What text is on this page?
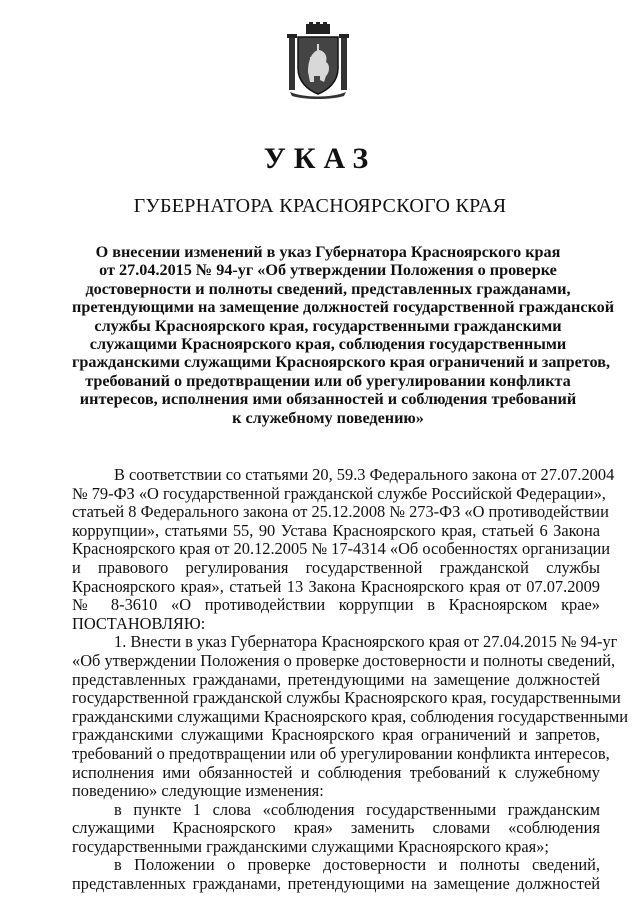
УКАЗ
ГУБЕРНАТОРА КРАСНОЯРСКОГО КРАЯ
О внесении изменений в указ Губернатора Красноярского края
от 27.04.2015 № 94-уг «Об утверждении Положения о проверке
достоверности и полноты сведений, представленных гражданами,
претендующими на замещение должностей государственной гражданской
службы Красноярского края, государственными гражданскими
служащими Красноярского края, соблюдения государственными
гражданскими служащими Красноярского края ограничений и запретов,
требований о предотвращении или об урегулировании конфликта
интересов, исполнения ими обязанностей и соблюдения требований
к служебному поведению»
В соответствии со статьями 20, 59.3 Федерального закона от 27.07.2004
№ 79-ФЗ «О государственной гражданской службе Российской Федерации»,
статьей 8 Федерального закона от 25.12.2008 № 273-ФЗ «О противодействии
коррупции», статьями 55, 90 Устава Красноярского края, статьей 6 Закона
Красноярского края от 20.12.2005 № 17-4314 «Об особенностях организации
и правового регулирования государственной гражданской службы
Красноярского края», статьей 13 Закона Красноярского края от 07.07.2009
№ 8-3610 «О противодействии коррупции в Красноярском крае»
ПОСТАНОВЛЯЮ:
1. Внести в указ Губернатора Красноярского края от 27.04.2015 № 94-уг
«Об утверждении Положения о проверке достоверности и полноты сведений,
представленных гражданами, претендующими на замещение должностей
государственной гражданской службы Красноярского края, государственными
гражданскими служащими Красноярского края, соблюдения государственными
гражданскими служащими Красноярского края ограничений и запретов,
требований о предотвращении или об урегулировании конфликта интересов,
исполнения ими обязанностей и соблюдения требований к служебному
поведению» следующие изменения:
в пункте 1 слова «соблюдения государственными гражданским
служащими Красноярского края» заменить словами «соблюдения
государственными гражданскими служащими Красноярского края»;
в Положении о проверке достоверности и полноты сведений,
представленных гражданами, претендующими на замещение должностей
